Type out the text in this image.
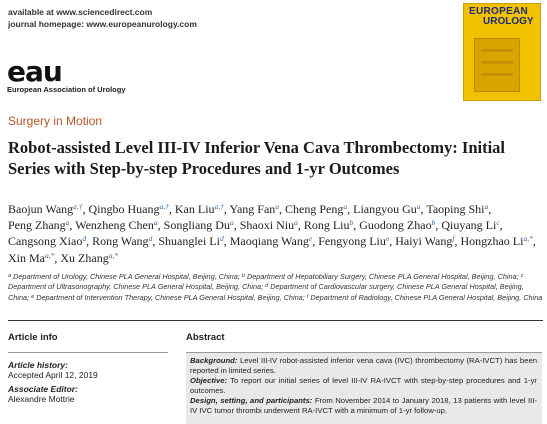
available at www.sciencedirect.com
journal homepage: www.europeanurology.com
EUROPEAN
UROLOGY
eau
European Association of Urology
Surgery in Motion
Robot-assisted Level III-IV Inferior Vena Cava Thrombectomy: Initial Series with Step-by-step Procedures and 1-yr Outcomes
Baojun Wang$^{a,\dagger}$, Qingbo Huang$^{a,\dagger}$, Kan Liu$^{a,\dagger}$, Yang Fan$^a$, Cheng Peng$^a$, Liangyou Gu$^a$, Taoping Shi$^a$, Peng Zhang$^a$, Wenzheng Chen$^a$, Songliang Du$^a$, Shaoxi Niu$^a$, Rong Liu$^b$, Guodong Zhao$^b$, Qiuyang Li$^c$, Cangsong Xiao$^d$, Rong Wang$^d$, Shuanglei Li$^d$, Maoqiang Wang$^e$, Fengyong Liu$^e$, Haiyi Wang$^f$, Hongzhao $Li^{a,*}$, Xin $Ma^{a,*}$, Xu Zhang$^{a,*}$
$^a$ Department of Urology, Chinese PLA General Hospital, Beijing, China; $^b$ Department of Hepatobiliary Surgery, Chinese PLA General Hospital, Beijing, China; $^c$ Department of Ultrasonography, Chinese PLA General Hospital, Beijing, China; $^d$ Department of Cardiovascular surgery, Chinese PLA General Hospital, Beijing, China; $^e$ Department of Intervention Therapy, Chinese PLA General Hospital, Beijing, China; $^f$ Department of Radiology, Chinese PLA General Hospital, Beijing, China
Article info
Article history:
Accepted April 12, 2019
Associate Editor:
Alexandre Mottrie
Abstract

Background: Level III-IV robot-assisted inferior vena cava (IVC) thrombectomy (RA-IVCT) has been reported in limited series.

Objective: To report our initial series of level III-IV RA-IVCT with step-by-step procedures and 1-yr outcomes.

Design, setting, and participants: From November 2014 to January 2018, 13 patients with level III-IV IVC tumor thrombi underwent RA-IVCT with a minimum of 1-yr follow-up.
